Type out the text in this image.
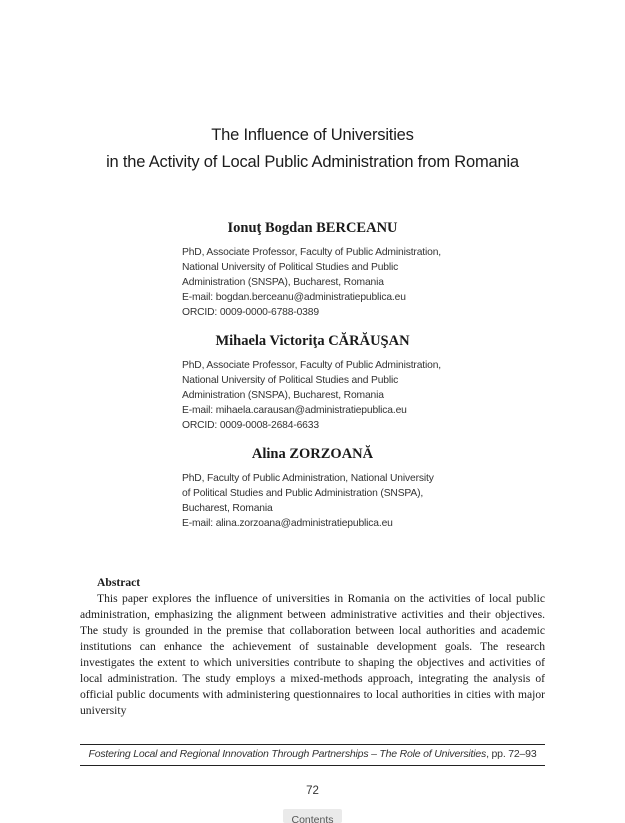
The Influence of Universities
in the Activity of Local Public Administration from Romania
Ionuţ Bogdan BERCEANU
PhD, Associate Professor, Faculty of Public Administration,
National University of Political Studies and Public
Administration (SNSPA), Bucharest, Romania
E-mail: bogdan.berceanu@administratiepublica.eu
ORCID: 0009-0000-6788-0389
Mihaela Victoriţa CĂRĂUŞAN
PhD, Associate Professor, Faculty of Public Administration,
National University of Political Studies and Public
Administration (SNSPA), Bucharest, Romania
E-mail: mihaela.carausan@administratiepublica.eu
ORCID: 0009-0008-2684-6633
Alina ZORZOANĂ
PhD, Faculty of Public Administration, National University
of Political Studies and Public Administration (SNSPA),
Bucharest, Romania
E-mail: alina.zorzoana@administratiepublica.eu
Abstract
This paper explores the influence of universities in Romania on the activities of local public administration, emphasizing the alignment between administrative activities and their objectives. The study is grounded in the premise that collaboration between local authorities and academic institutions can enhance the achievement of sustainable development goals. The research investigates the extent to which universities contribute to shaping the objectives and activities of local administration. The study employs a mixed-methods approach, integrating the analysis of official public documents with administering questionnaires to local authorities in cities with major university
Fostering Local and Regional Innovation Through Partnerships – The Role of Universities, pp. 72–93
72
Contents
